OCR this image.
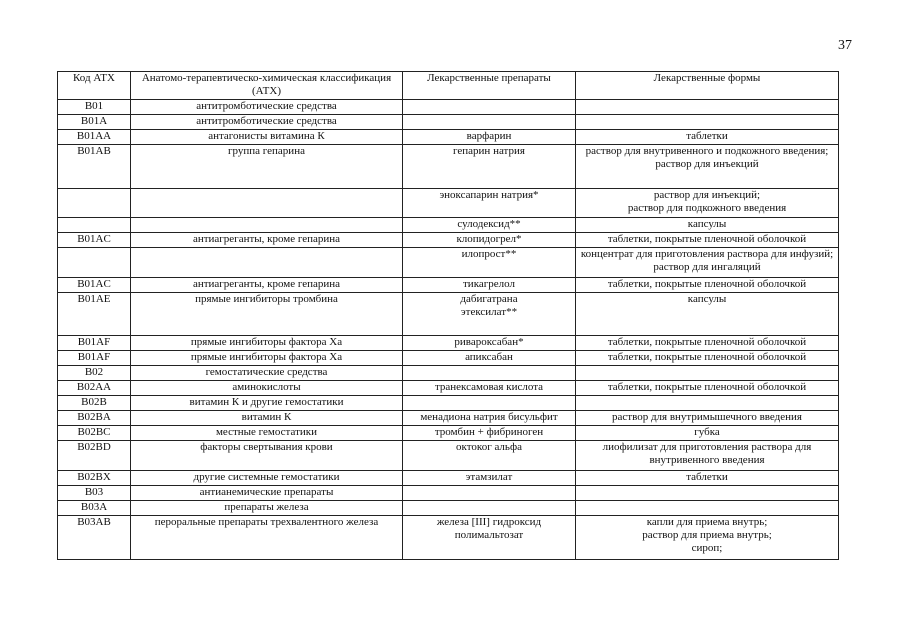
37
Код АТХ	Анатомо-терапевтическо-химическая классификация (АТХ)	Лекарственные препараты	Лекарственные формы
B01	антитромботические средства		
B01A	антитромботические средства		
B01AA	антагонисты витамина К	варфарин	таблетки
B01AB	группа гепарина	гепарин натрия	раствор для внутривенного и подкожного введения;
раствор для инъекций
		эноксапарин натрия*	раствор для инъекций;
раствор для подкожного введения
		сулодексид**	капсулы
B01AC	антиагреганты, кроме гепарина	клопидогрел*	таблетки, покрытые пленочной оболочкой
		илопрост**	концентрат для приготовления раствора для инфузий; раствор для ингаляций
B01AC	антиагреганты, кроме гепарина	тикагрелол	таблетки, покрытые пленочной оболочкой
B01AE	прямые ингибиторы тромбина	дабигатрана этексилат**	капсулы
B01AF	прямые ингибиторы фактора Ха	ривароксабан*	таблетки, покрытые пленочной оболочкой
B01AF	прямые ингибиторы фактора Ха	апиксабан	таблетки, покрытые пленочной оболочкой
B02	гемостатические средства		
B02AA	аминокислоты	транексамовая кислота	таблетки, покрытые пленочной оболочкой
B02B	витамин К и другие гемостатики		
B02BA	витамин К	менадиона натрия бисульфит	раствор для внутримышечного введения
B02BC	местные гемостатики	тромбин + фибриноген	губка
B02BD	факторы свертывания крови	октоког альфа	лиофилизат для приготовления раствора для внутривенного введения
B02BX	другие системные гемостатики	этамзилат	таблетки
B03	антианемические препараты		
B03A	препараты железа		
B03AB	пероральные препараты трехвалентного железа	железа [III] гидроксид полимальтозат	капли для приема внутрь;
раствор для приема внутрь;
сироп;
